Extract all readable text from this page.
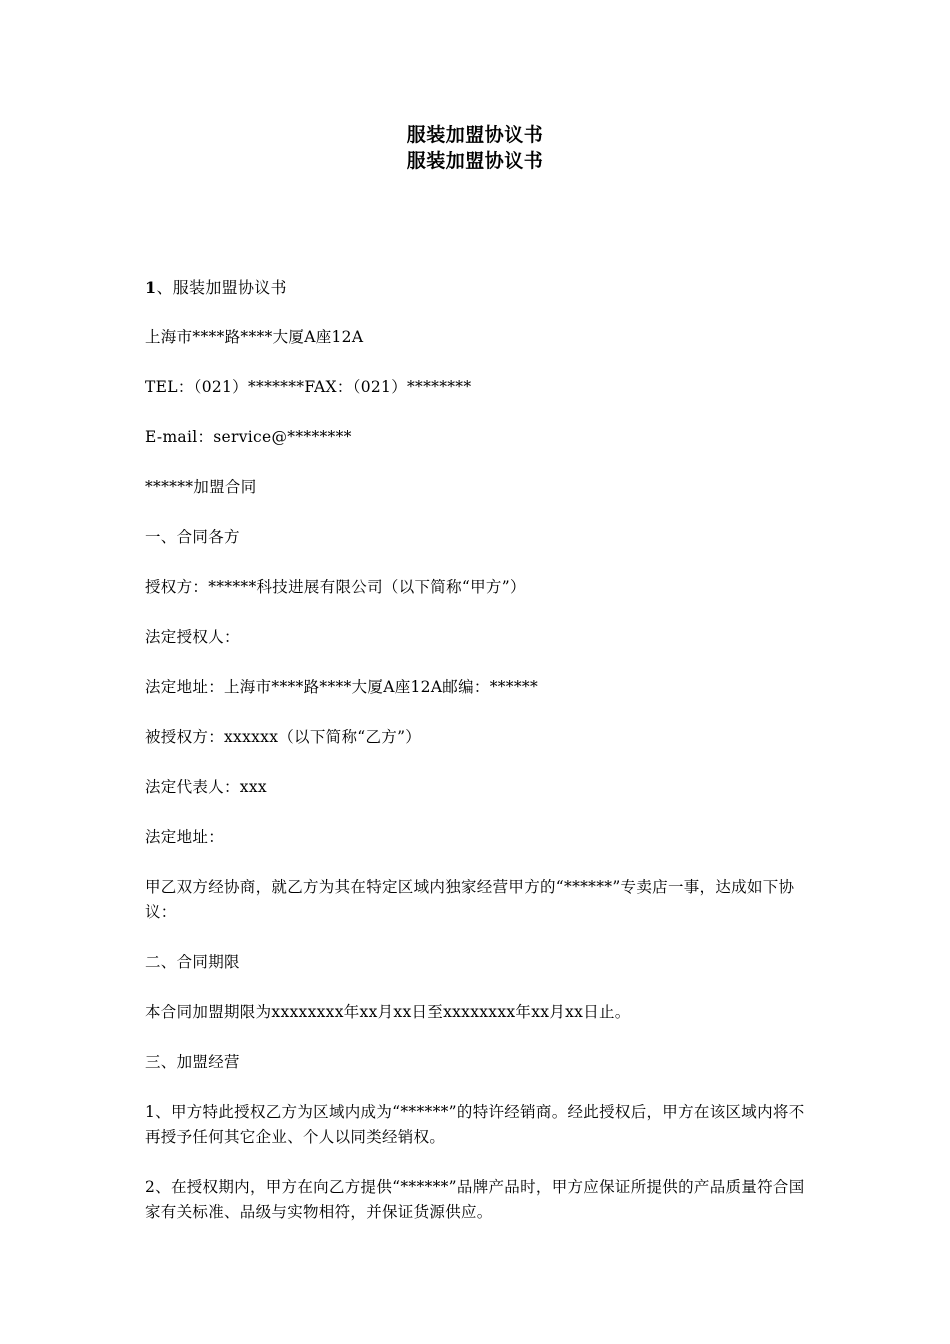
服装加盟协议书
服装加盟协议书

1、服装加盟协议书

上海市****路****大厦A座12A

TEL：（021）*******FAX：（021）********

E-mail：service@********

******加盟合同

一、合同各方

授权方：******科技进展有限公司（以下简称“甲方”）

法定授权人：

法定地址：上海市****路****大厦A座12A邮编：******

被授权方：xxxxxx（以下简称“乙方”）

法定代表人：xxx

法定地址：

甲乙双方经协商，就乙方为其在特定区域内独家经营甲方的“******”专卖店一事，达成如下协议：

二、合同期限

本合同加盟期限为xxxxxxxx年xx月xx日至xxxxxxxx年xx月xx日止。

三、加盟经营

1、甲方特此授权乙方为区域内成为“******”的特许经销商。经此授权后，甲方在该区域内将不再授予任何其它企业、个人以同类经销权。

2、在授权期内，甲方在向乙方提供“******”品牌产品时，甲方应保证所提供的产品质量符合国家有关标准、品级与实物相符，并保证货源供应。
